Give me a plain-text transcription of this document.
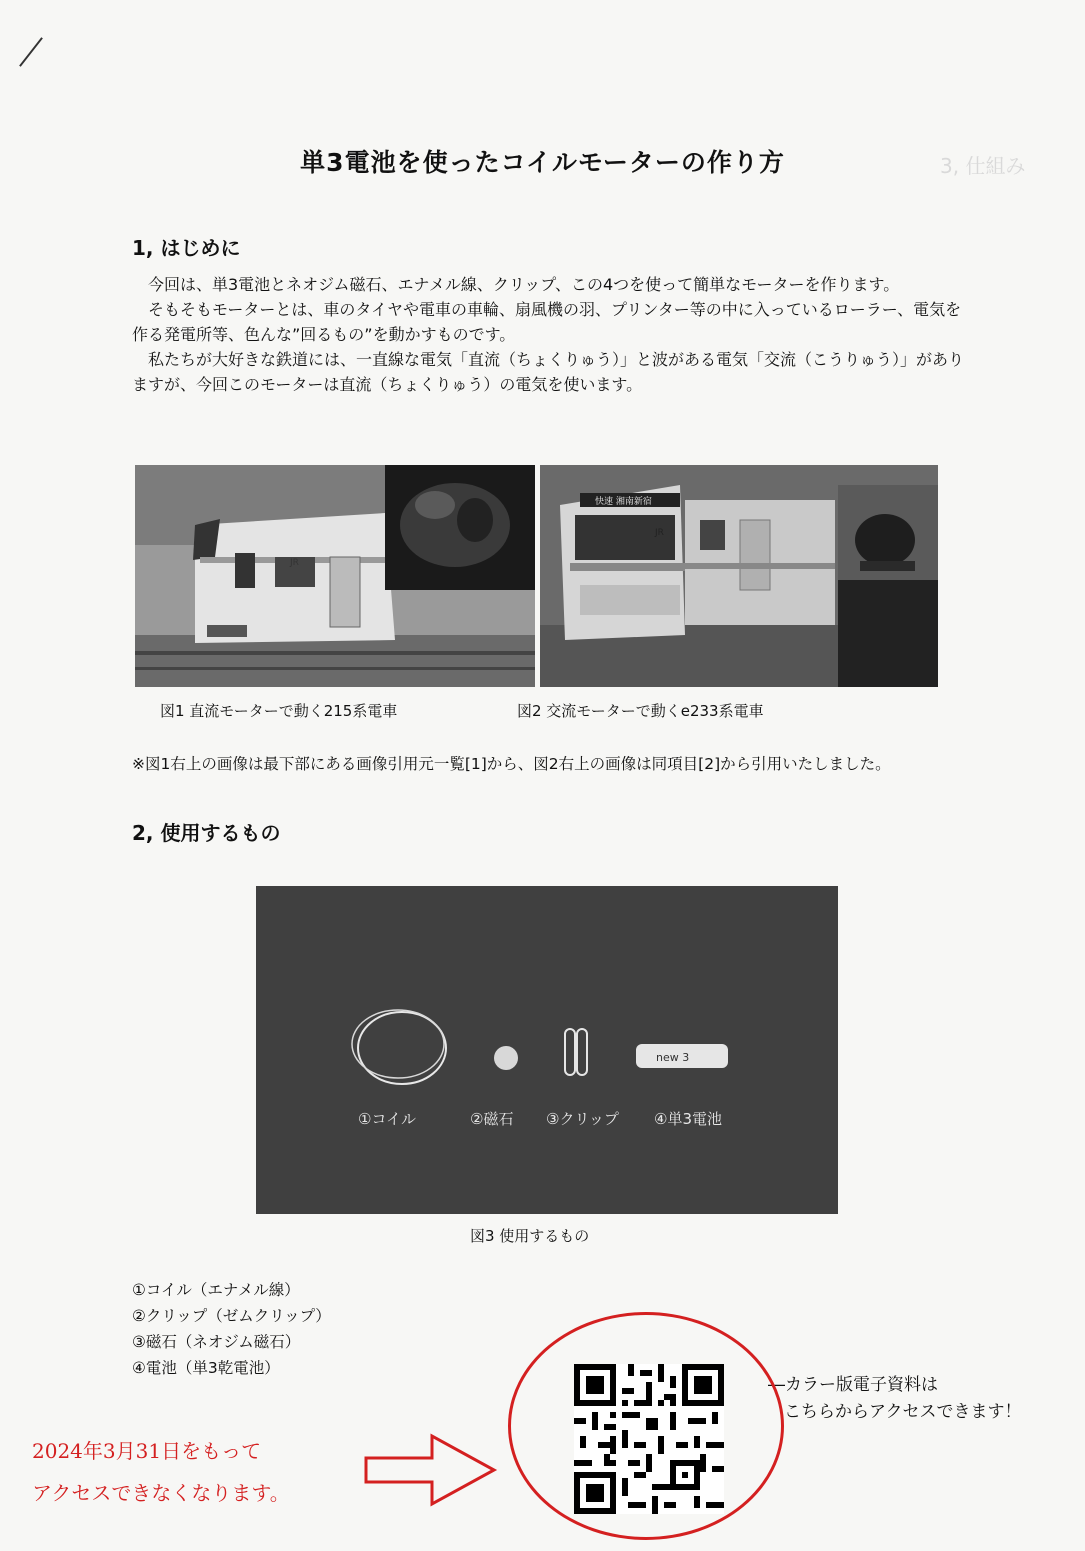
3, 仕組み
単3電池を使ったコイルモーターの作り方
1, はじめに
　今回は、単3電池とネオジム磁石、エナメル線、クリップ、この4つを使って簡単なモーターを作ります。
　そもそもモーターとは、車のタイヤや電車の車輪、扇風機の羽、プリンター等の中に入っているローラー、電気を作る発電所等、色んな”回るもの”を動かすものです。
　私たちが大好きな鉄道には、一直線な電気「直流（ちょくりゅう）」と波がある電気「交流（こうりゅう）」がありますが、今回このモーターは直流（ちょくりゅう）の電気を使います。
JR
快速 湘南新宿
JR
図1 直流モーターで動く215系電車	図2 交流モーターで動くe233系電車
※図1右上の画像は最下部にある画像引用元一覧[1]から、図2右上の画像は同項目[2]から引用いたしました。
2, 使用するもの
new 3
①コイル	②磁石 ③クリップ ④単3電池
図3 使用するもの
①コイル（エナメル線）
②クリップ（ゼムクリップ）
③磁石（ネオジム磁石）
④電池（単3乾電池）
―カラー版電子資料は
こちらからアクセスできます！
2024年3月31日をもって
アクセスできなくなります。
